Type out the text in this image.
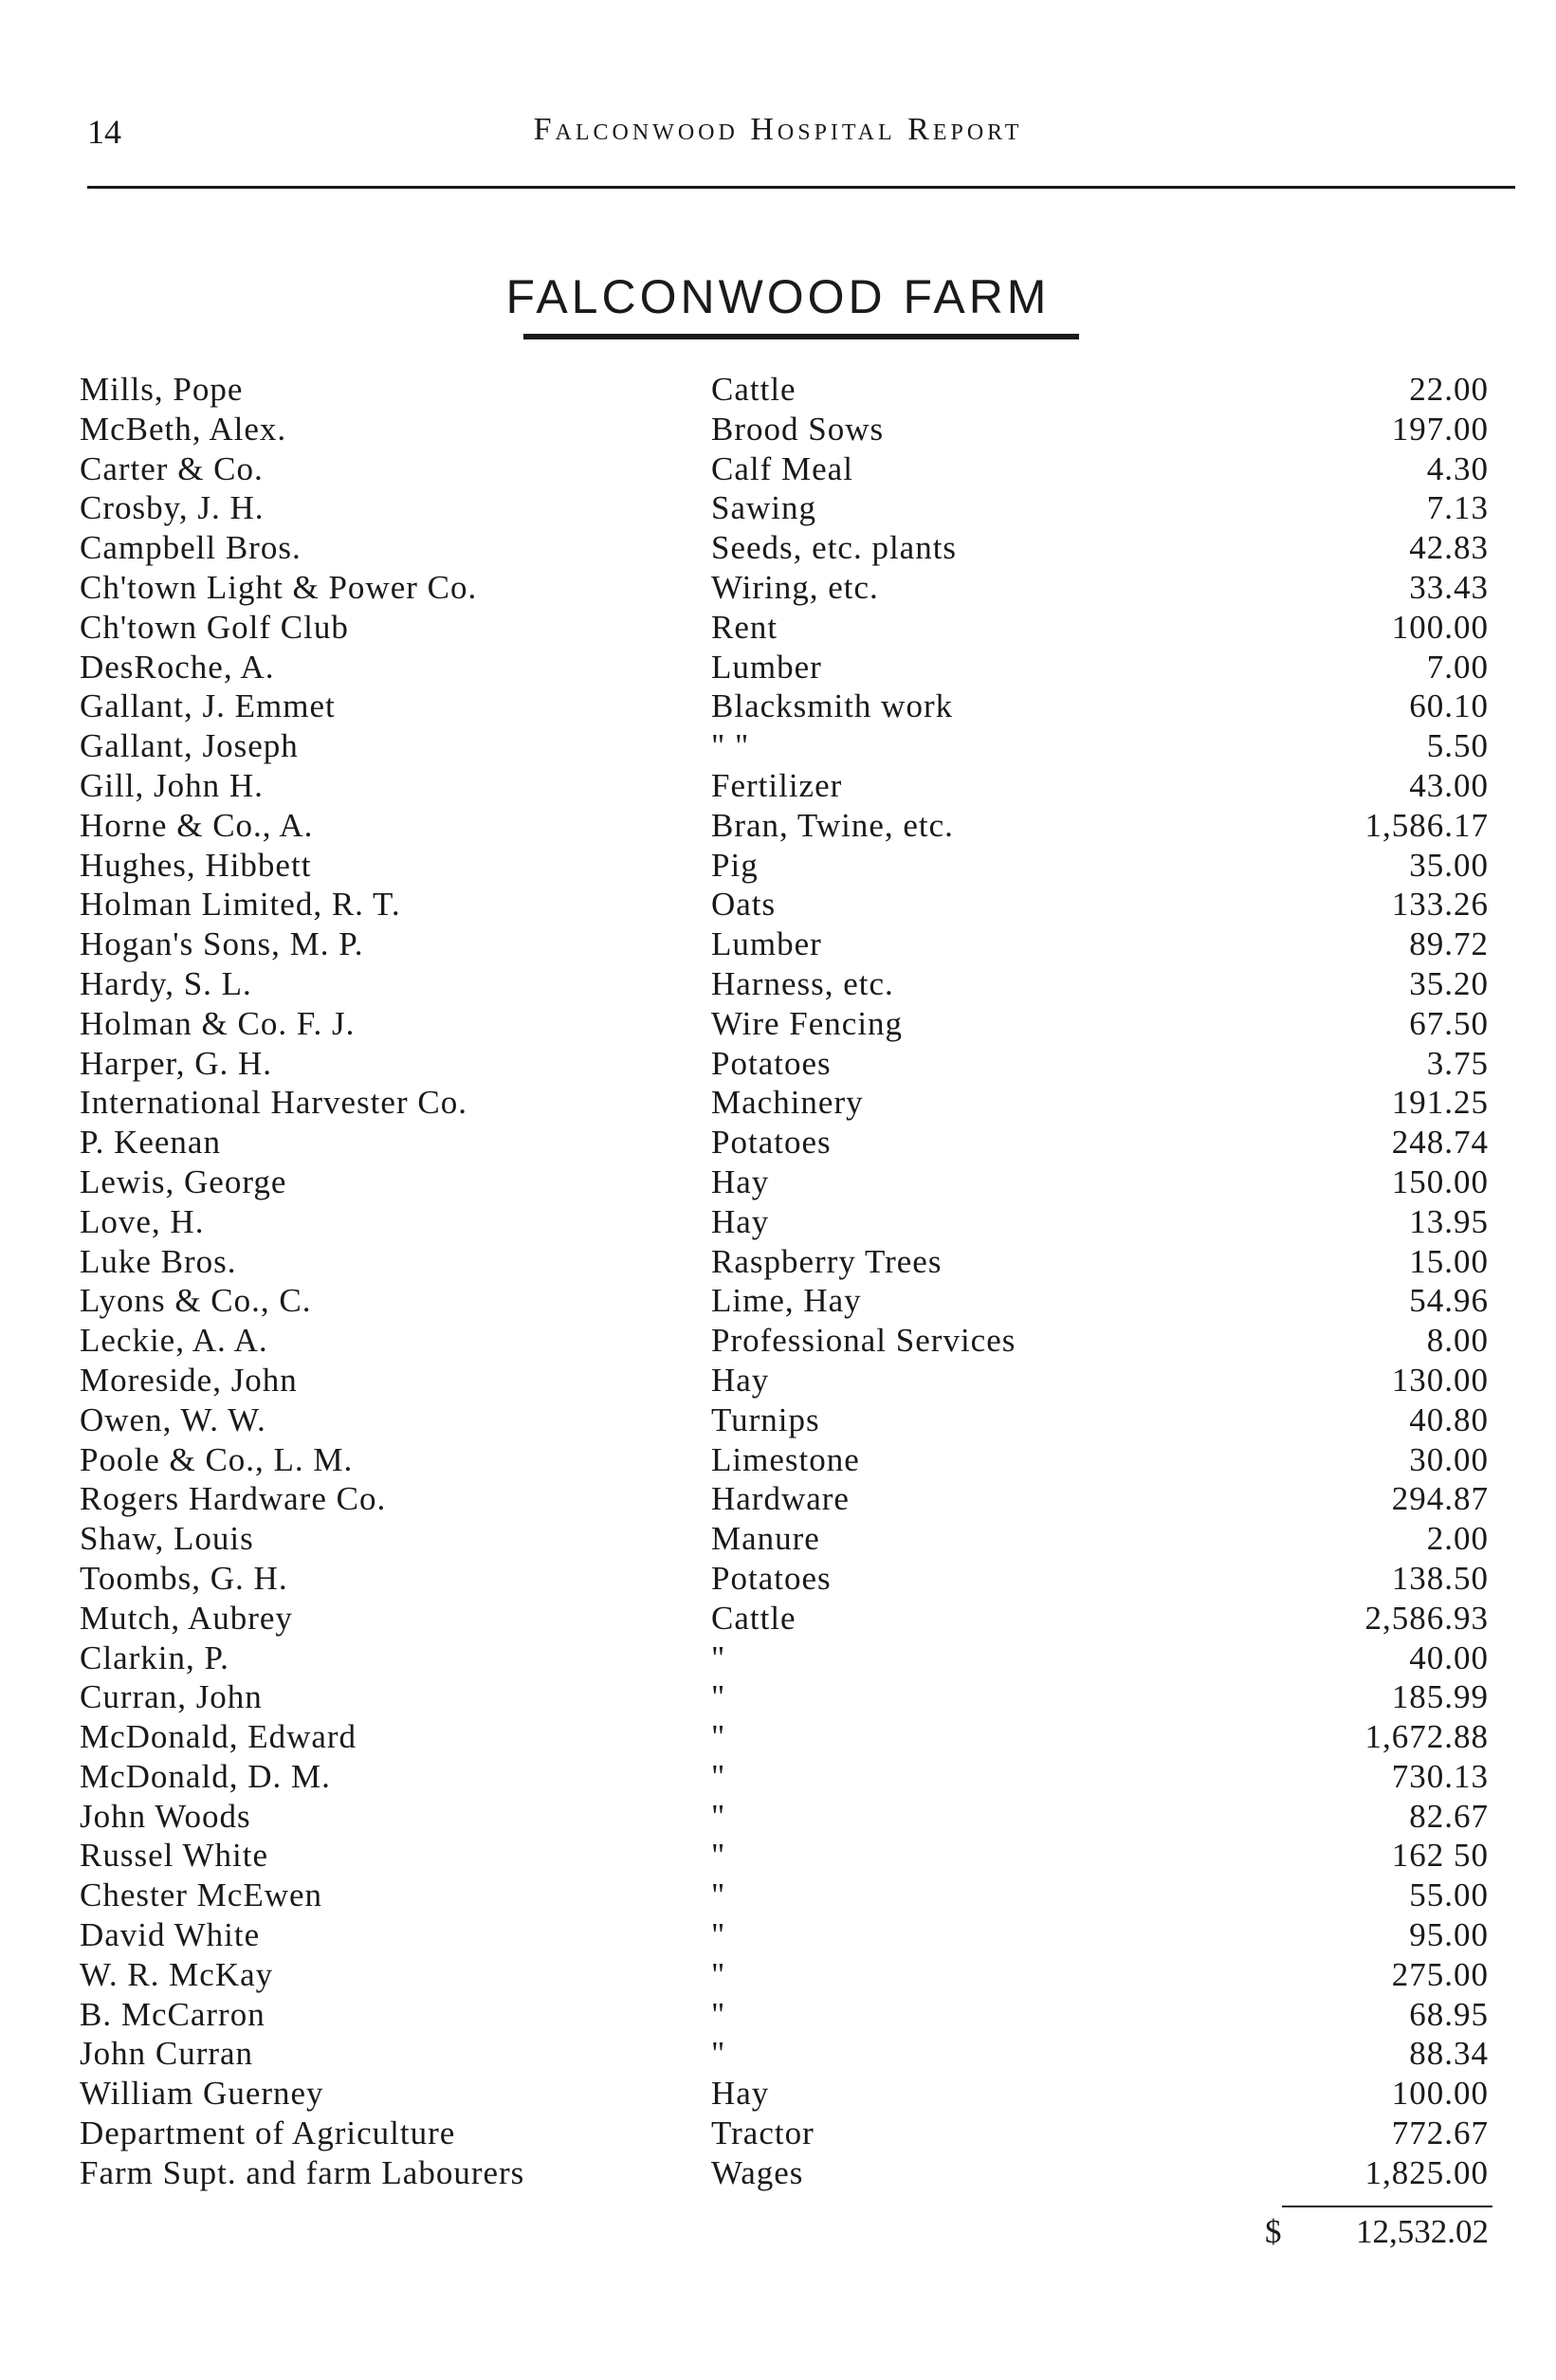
14	Falconwood Hospital Report
FALCONWOOD FARM
Mills, Pope	Cattle	22.00
McBeth, Alex.	Brood Sows	197.00
Carter & Co.	Calf Meal	4.30
Crosby, J. H.	Sawing	7.13
Campbell Bros.	Seeds, etc. plants	42.83
Ch'town Light & Power Co.	Wiring, etc.	33.43
Ch'town Golf Club	Rent	100.00
DesRoche, A.	Lumber	7.00
Gallant, J. Emmet	Blacksmith work	60.10
Gallant, Joseph	" "	5.50
Gill, John H.	Fertilizer	43.00
Horne & Co., A.	Bran, Twine, etc.	1,586.17
Hughes, Hibbett	Pig	35.00
Holman Limited, R. T.	Oats	133.26
Hogan's Sons, M. P.	Lumber	89.72
Hardy, S. L.	Harness, etc.	35.20
Holman & Co. F. J.	Wire Fencing	67.50
Harper, G. H.	Potatoes	3.75
International Harvester Co.	Machinery	191.25
P. Keenan	Potatoes	248.74
Lewis, George	Hay	150.00
Love, H.	Hay	13.95
Luke Bros.	Raspberry Trees	15.00
Lyons & Co., C.	Lime, Hay	54.96
Leckie, A. A.	Professional Services	8.00
Moreside, John	Hay	130.00
Owen, W. W.	Turnips	40.80
Poole & Co., L. M.	Limestone	30.00
Rogers Hardware Co.	Hardware	294.87
Shaw, Louis	Manure	2.00
Toombs, G. H.	Potatoes	138.50
Mutch, Aubrey	Cattle	2,586.93
Clarkin, P.	"	40.00
Curran, John	"	185.99
McDonald, Edward	"	1,672.88
McDonald, D. M.	"	730.13
John Woods	"	82.67
Russel White	"	162 50
Chester McEwen	"	55.00
David White	"	95.00
W. R. McKay	"	275.00
B. McCarron	"	68.95
John Curran	"	88.34
William Guerney	Hay	100.00
Department of Agriculture	Tractor	772.67
Farm Supt. and farm Labourers	Wages	1,825.00
$ 12,532.02
